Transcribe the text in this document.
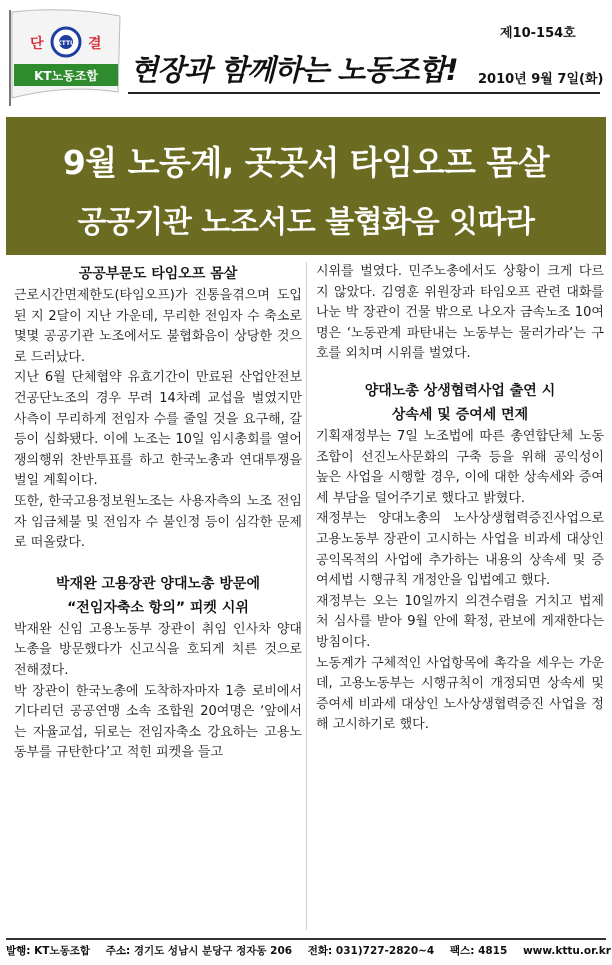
단	결
KTTU
KT노동조합 현장과 함께하는 노동조합!
제10-154호
2010년 9월 7일(화)
9월 노동계, 곳곳서 타임오프 몸살
공공기관 노조서도 불협화음 잇따라

공공부문도 타임오프 몸살

근로시간면제한도(타임오프)가 진통을겪으며 도입된 지 2달이 지난 가운데, 무리한 전임자 수 축소로 몇몇 공공기관 노조에서도 불협화음이 상당한 것으로 드러났다.

지난 6월 단체협약 유효기간이 만료된 산업안전보건공단노조의 경우 무려 14차례 교섭을 벌였지만 사측이 무리하게 전임자 수를 줄일 것을 요구해, 갈등이 심화됐다. 이에 노조는 10일 임시총회를 열어 쟁의행위 찬반투표를 하고 한국노총과 연대투쟁을 벌일 계획이다.

또한, 한국고용정보원노조는 사용자측의 노조 전임자 임금체불 및 전임자 수 불인정 등이 심각한 문제로 떠올랐다.

박재완 고용장관 양대노총 방문에

“전임자축소 항의” 피켓 시위

박재완 신임 고용노동부 장관이 취임 인사차 양대노총을 방문했다가 신고식을 호되게 치른 것으로 전해졌다.

박 장관이 한국노총에 도착하자마자 1층 로비에서 기다리던 공공연맹 소속 조합원 20여명은 ‘앞에서는 자율교섭, 뒤로는 전임자축소 강요하는 고용노동부를 규탄한다’고 적힌 피켓을 들고

시위를 벌였다. 민주노총에서도 상황이 크게 다르지 않았다. 김영훈 위원장과 타임오프 관련 대화를 나눈 박 장관이 건물 밖으로 나오자 금속노조 10여명은 ‘노동관계 파탄내는 노동부는 물러가라’는 구호를 외치며 시위를 벌였다.

양대노총 상생협력사업 출연 시

상속세 및 증여세 면제

기획재정부는 7일 노조법에 따른 총연합단체 노동조합이 선진노사문화의 구축 등을 위해 공익성이 높은 사업을 시행할 경우, 이에 대한 상속세와 증여세 부담을 덜어주기로 했다고 밝혔다.

재정부는 양대노총의 노사상생협력증진사업으로 고용노동부 장관이 고시하는 사업을 비과세 대상인 공익목적의 사업에 추가하는 내용의 상속세 및 증여세법 시행규칙 개정안을 입법예고 했다.

재정부는 오는 10일까지 의견수렴을 거치고 법제처 심사를 받아 9월 안에 확정, 관보에 게재한다는 방침이다.

노동계가 구체적인 사업항목에 촉각을 세우는 가운데, 고용노동부는 시행규칙이 개정되면 상속세 및 증여세 비과세 대상인 노사상생협력증진 사업을 정해 고시하기로 했다.

발행: KT노동조합 주소: 경기도 성남시 분당구 정자동 206 전화: 031)727-2820~4 팩스: 4815 www.kttu.or.kr
